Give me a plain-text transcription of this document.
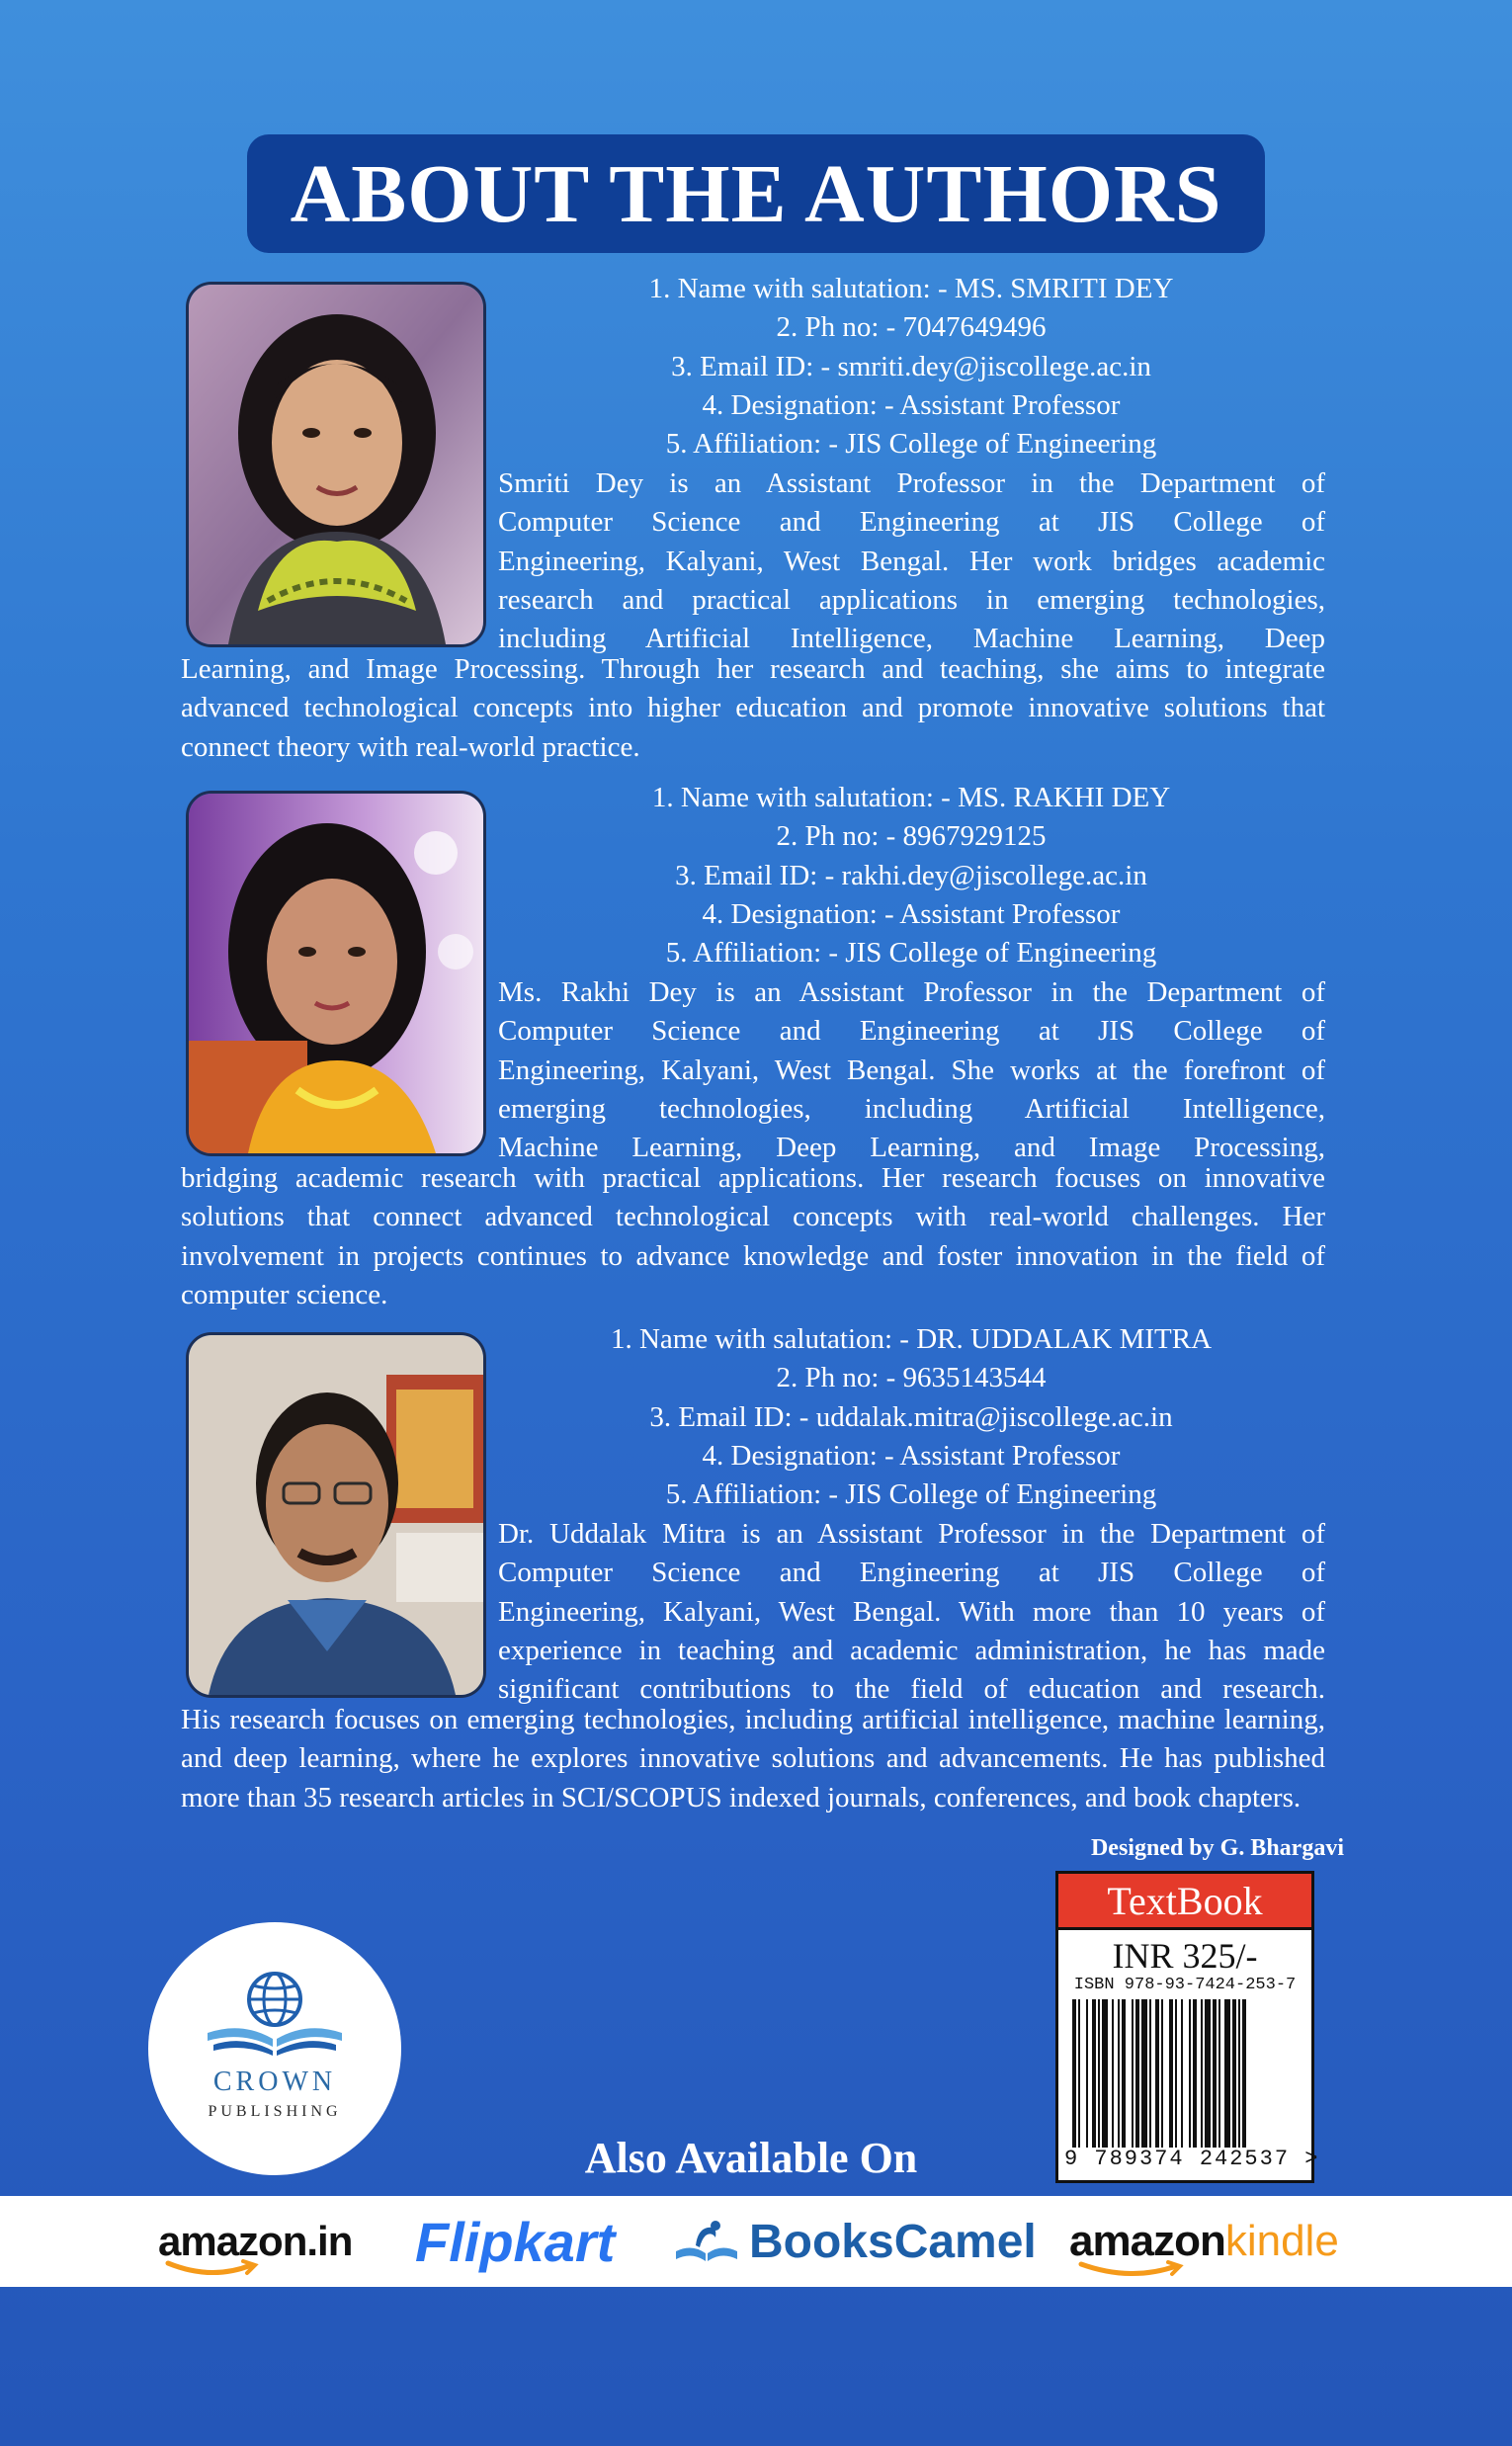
ABOUT THE AUTHORS
1. Name with salutation: - MS. SMRITI DEY
2. Ph no: - 7047649496
3. Email ID: - smriti.dey@jiscollege.ac.in
4. Designation: - Assistant Professor
5. Affiliation: - JIS College of Engineering
Smriti Dey is an Assistant Professor in the Department of
Computer Science and Engineering at JIS College of
Engineering, Kalyani, West Bengal. Her work bridges academic
research and practical applications in emerging technologies,
including Artificial Intelligence, Machine Learning, Deep
Learning, and Image Processing. Through her research and teaching, she aims to integrate advanced technological concepts into higher education and promote innovative solutions that connect theory with real-world practice.
1. Name with salutation: - MS. RAKHI DEY
2. Ph no: - 8967929125
3. Email ID: - rakhi.dey@jiscollege.ac.in
4. Designation: - Assistant Professor
5. Affiliation: - JIS College of Engineering
Ms. Rakhi Dey is an Assistant Professor in the Department of
Computer Science and Engineering at JIS College of
Engineering, Kalyani, West Bengal. She works at the forefront of
emerging technologies, including Artificial Intelligence,
Machine Learning, Deep Learning, and Image Processing,
bridging academic research with practical applications. Her research focuses on innovative solutions that connect advanced technological concepts with real-world challenges. Her involvement in projects continues to advance knowledge and foster innovation in the field of computer science.
1. Name with salutation: - DR. UDDALAK MITRA
2. Ph no: - 9635143544
3. Email ID: - uddalak.mitra@jiscollege.ac.in
4. Designation: - Assistant Professor
5. Affiliation: - JIS College of Engineering
Dr. Uddalak Mitra is an Assistant Professor in the Department of
Computer Science and Engineering at JIS College of
Engineering, Kalyani, West Bengal. With more than 10 years of
experience in teaching and academic administration, he has made
significant contributions to the field of education and research.
His research focuses on emerging technologies, including artificial intelligence, machine learning, and deep learning, where he explores innovative solutions and advancements. He has published more than 35 research articles in SCI/SCOPUS indexed journals, conferences, and book chapters.
Designed by G. Bhargavi
TextBook
INR 325/-
ISBN 978-93-7424-253-7
9 789374 242537 >
CROWN
PUBLISHING
Also Available On
amazon.in Flipkart	BooksCamel amazonkindle
